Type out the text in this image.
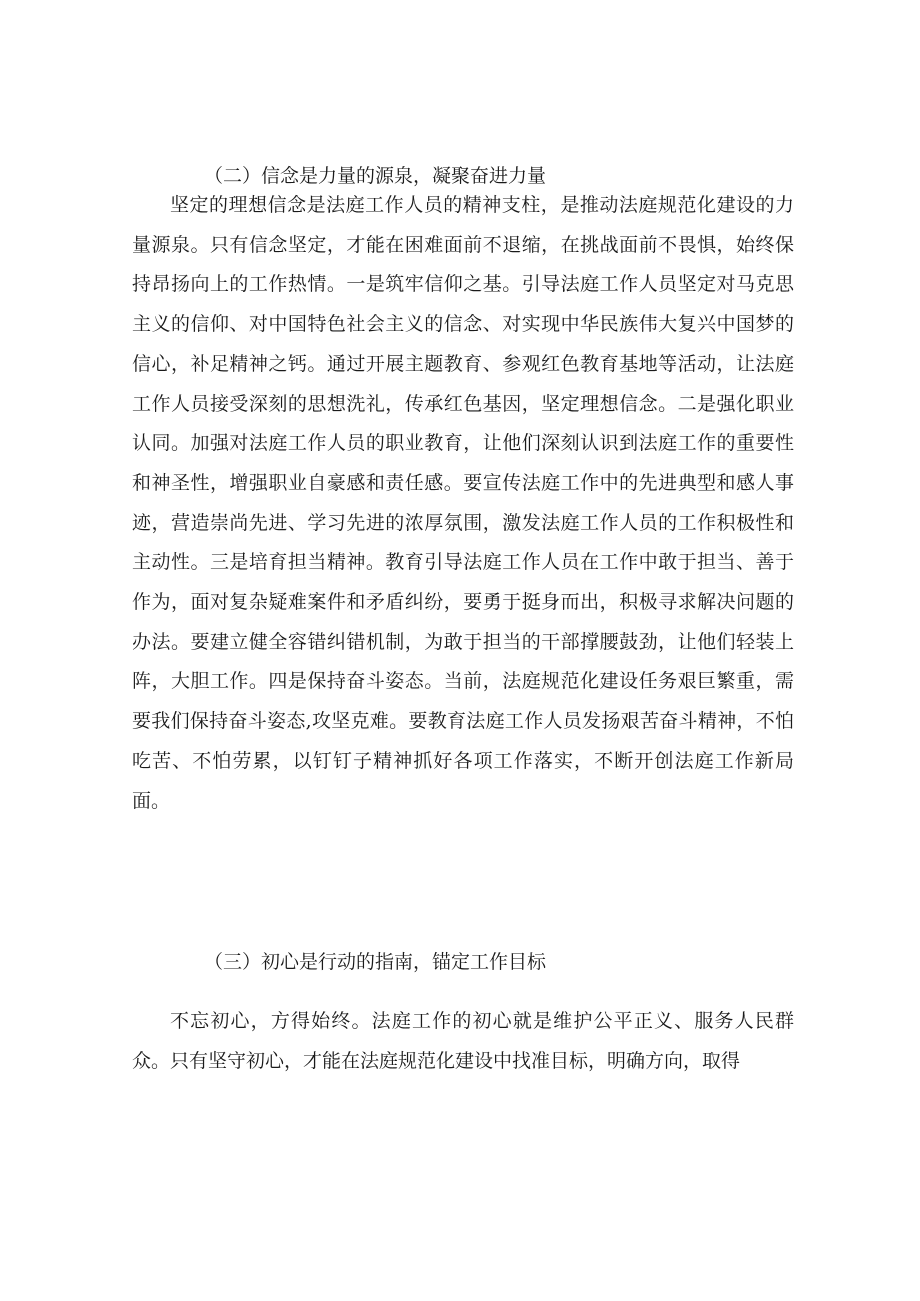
（二）信念是力量的源泉，凝聚奋进力量

坚定的理想信念是法庭工作人员的精神支柱，是推动法庭规范化建设的力量源泉。只有信念坚定，才能在困难面前不退缩，在挑战面前不畏惧，始终保持昂扬向上的工作热情。一是筑牢信仰之基。引导法庭工作人员坚定对马克思主义的信仰、对中国特色社会主义的信念、对实现中华民族伟大复兴中国梦的信心，补足精神之钙。通过开展主题教育、参观红色教育基地等活动，让法庭工作人员接受深刻的思想洗礼，传承红色基因，坚定理想信念。二是强化职业认同。加强对法庭工作人员的职业教育，让他们深刻认识到法庭工作的重要性和神圣性，增强职业自豪感和责任感。要宣传法庭工作中的先进典型和感人事迹，营造崇尚先进、学习先进的浓厚氛围，激发法庭工作人员的工作积极性和主动性。三是培育担当精神。教育引导法庭工作人员在工作中敢于担当、善于作为，面对复杂疑难案件和矛盾纠纷，要勇于挺身而出，积极寻求解决问题的办法。要建立健全容错纠错机制，为敢于担当的干部撑腰鼓劲，让他们轻装上阵，大胆工作。四是保持奋斗姿态。当前，法庭规范化建设任务艰巨繁重，需要我们保持奋斗姿态,攻坚克难。要教育法庭工作人员发扬艰苦奋斗精神，不怕吃苦、不怕劳累，以钉钉子精神抓好各项工作落实，不断开创法庭工作新局面。

（三）初心是行动的指南，锚定工作目标

不忘初心，方得始终。法庭工作的初心就是维护公平正义、服务人民群众。只有坚守初心，才能在法庭规范化建设中找准目标，明确方向，取得
